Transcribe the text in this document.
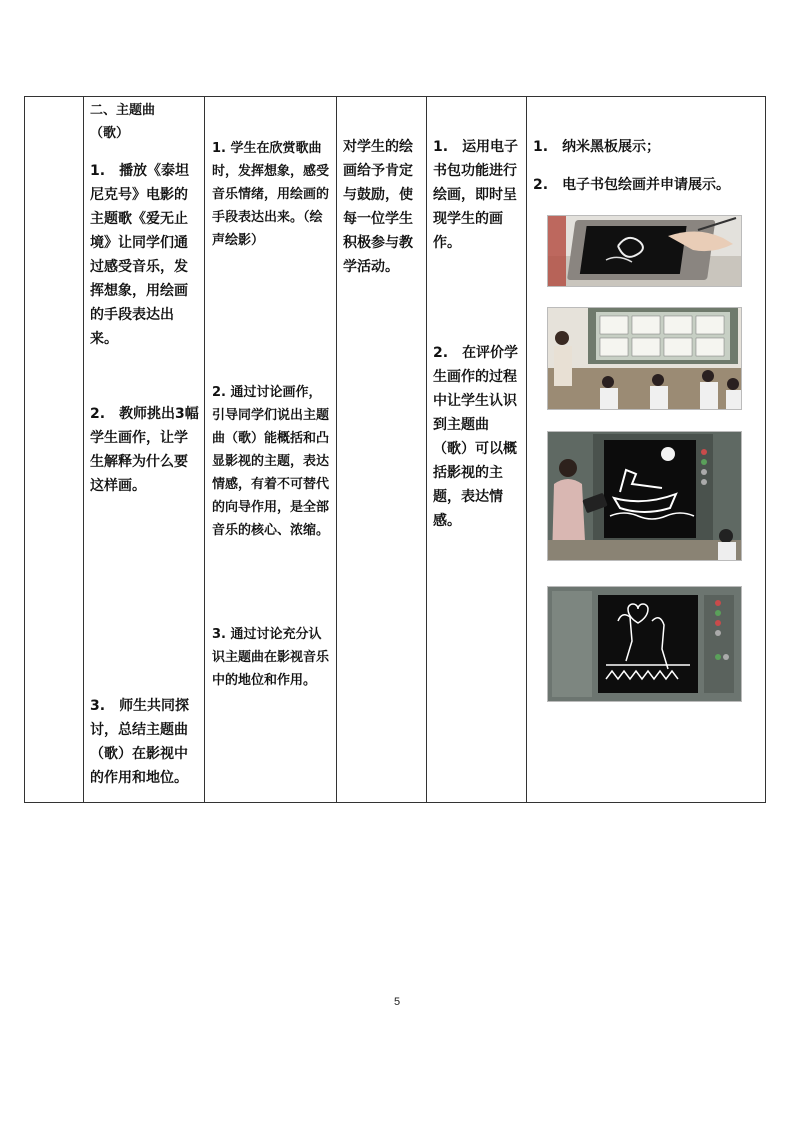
二、主题曲
（歌）
1. 播放《泰坦尼克号》电影的主题歌《爱无止境》让同学们通过感受音乐，发挥想象，用绘画的手段表达出来。
2. 教师挑出3幅学生画作，让学生解释为什么要这样画。
3. 师生共同探讨，总结主题曲（歌）在影视中的作用和地位。

1. 学生在欣赏歌曲时，发挥想象，感受音乐情绪，用绘画的手段表达出来。（绘声绘影）
2. 通过讨论画作，引导同学们说出主题曲（歌）能概括和凸显影视的主题，表达情感，有着不可替代的向导作用，是全部音乐的核心、浓缩。
3. 通过讨论充分认识主题曲在影视音乐中的地位和作用。

对学生的绘画给予肯定与鼓励，使每一位学生积极参与教学活动。

1. 运用电子书包功能进行绘画，即时呈现学生的画作。
2. 在评价学生画作的过程中让学生认识到主题曲（歌）可以概括影视的主题，表达情感。

1. 纳米黑板展示；
2. 电子书包绘画并申请展示。
5
